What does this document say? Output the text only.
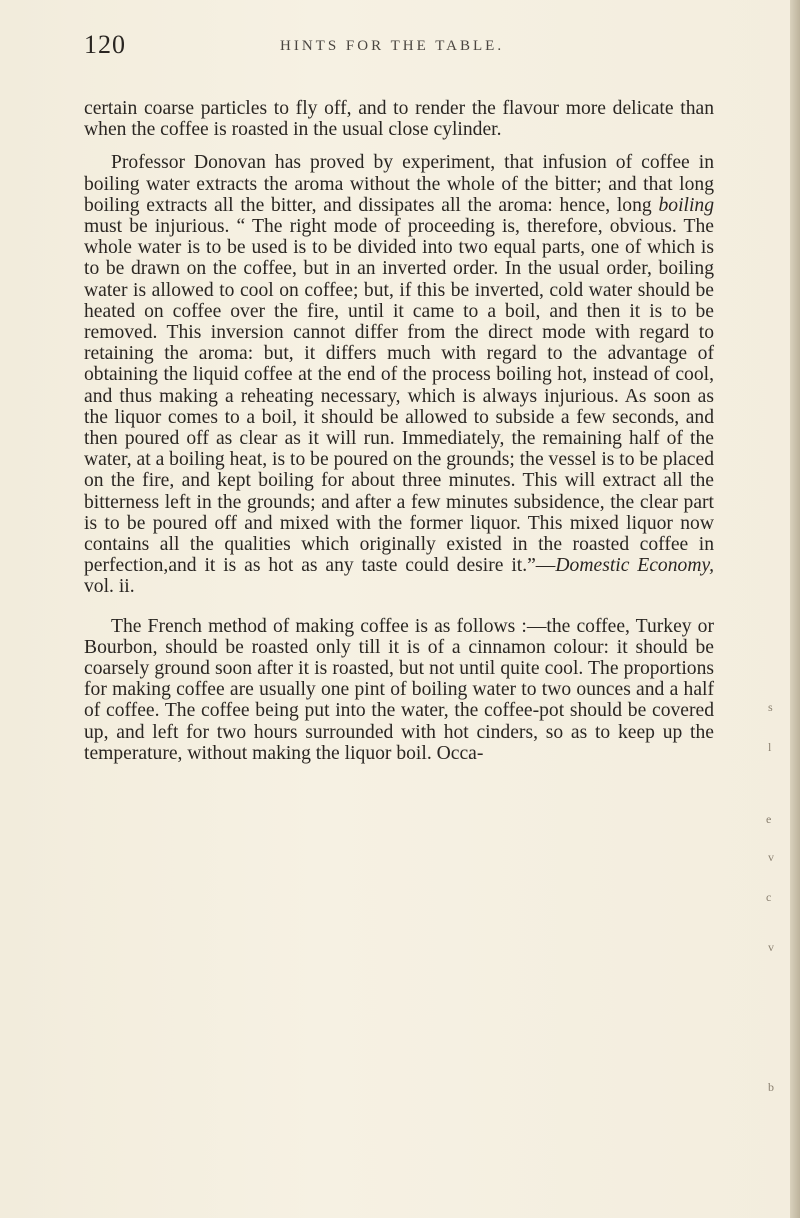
120	HINTS FOR THE TABLE.

certain coarse particles to fly off, and to render the flavour more delicate than when the coffee is roasted in the usual close cylinder.

Professor Donovan has proved by experiment, that infusion of coffee in boiling water extracts the aroma without the whole of the bitter; and that long boiling extracts all the bitter, and dissipates all the aroma: hence, long boiling must be injurious. “ The right mode of proceeding is, therefore, obvious. The whole water is to be used is to be divided into two equal parts, one of which is to be drawn on the coffee, but in an inverted order. In the usual order, boiling water is allowed to cool on coffee; but, if this be inverted, cold water should be heated on coffee over the fire, until it came to a boil, and then it is to be removed. This inversion cannot differ from the direct mode with regard to retaining the aroma: but, it differs much with regard to the advantage of obtaining the liquid coffee at the end of the process boiling hot, instead of cool, and thus making a reheating necessary, which is always injurious. As soon as the liquor comes to a boil, it should be allowed to subside a few seconds, and then poured off as clear as it will run. Immediately, the remaining half of the water, at a boiling heat, is to be poured on the grounds; the vessel is to be placed on the fire, and kept boiling for about three minutes. This will extract all the bitterness left in the grounds; and after a few minutes subsidence, the clear part is to be poured off and mixed with the former liquor. This mixed liquor now contains all the qualities which originally existed in the roasted coffee in perfection,and it is as hot as any taste could desire it.”—Domestic Economy, vol. ii.

The French method of making coffee is as follows :—the coffee, Turkey or Bourbon, should be roasted only till it is of a cinnamon colour: it should be coarsely ground soon after it is roasted, but not until quite cool. The proportions for making coffee are usually one pint of boiling water to two ounces and a half of coffee. The coffee being put into the water, the coffee-pot should be covered up, and left for two hours surrounded with hot cinders, so as to keep up the temperature, without making the liquor boil. Occa-

s
l
e
v
c
v
b
